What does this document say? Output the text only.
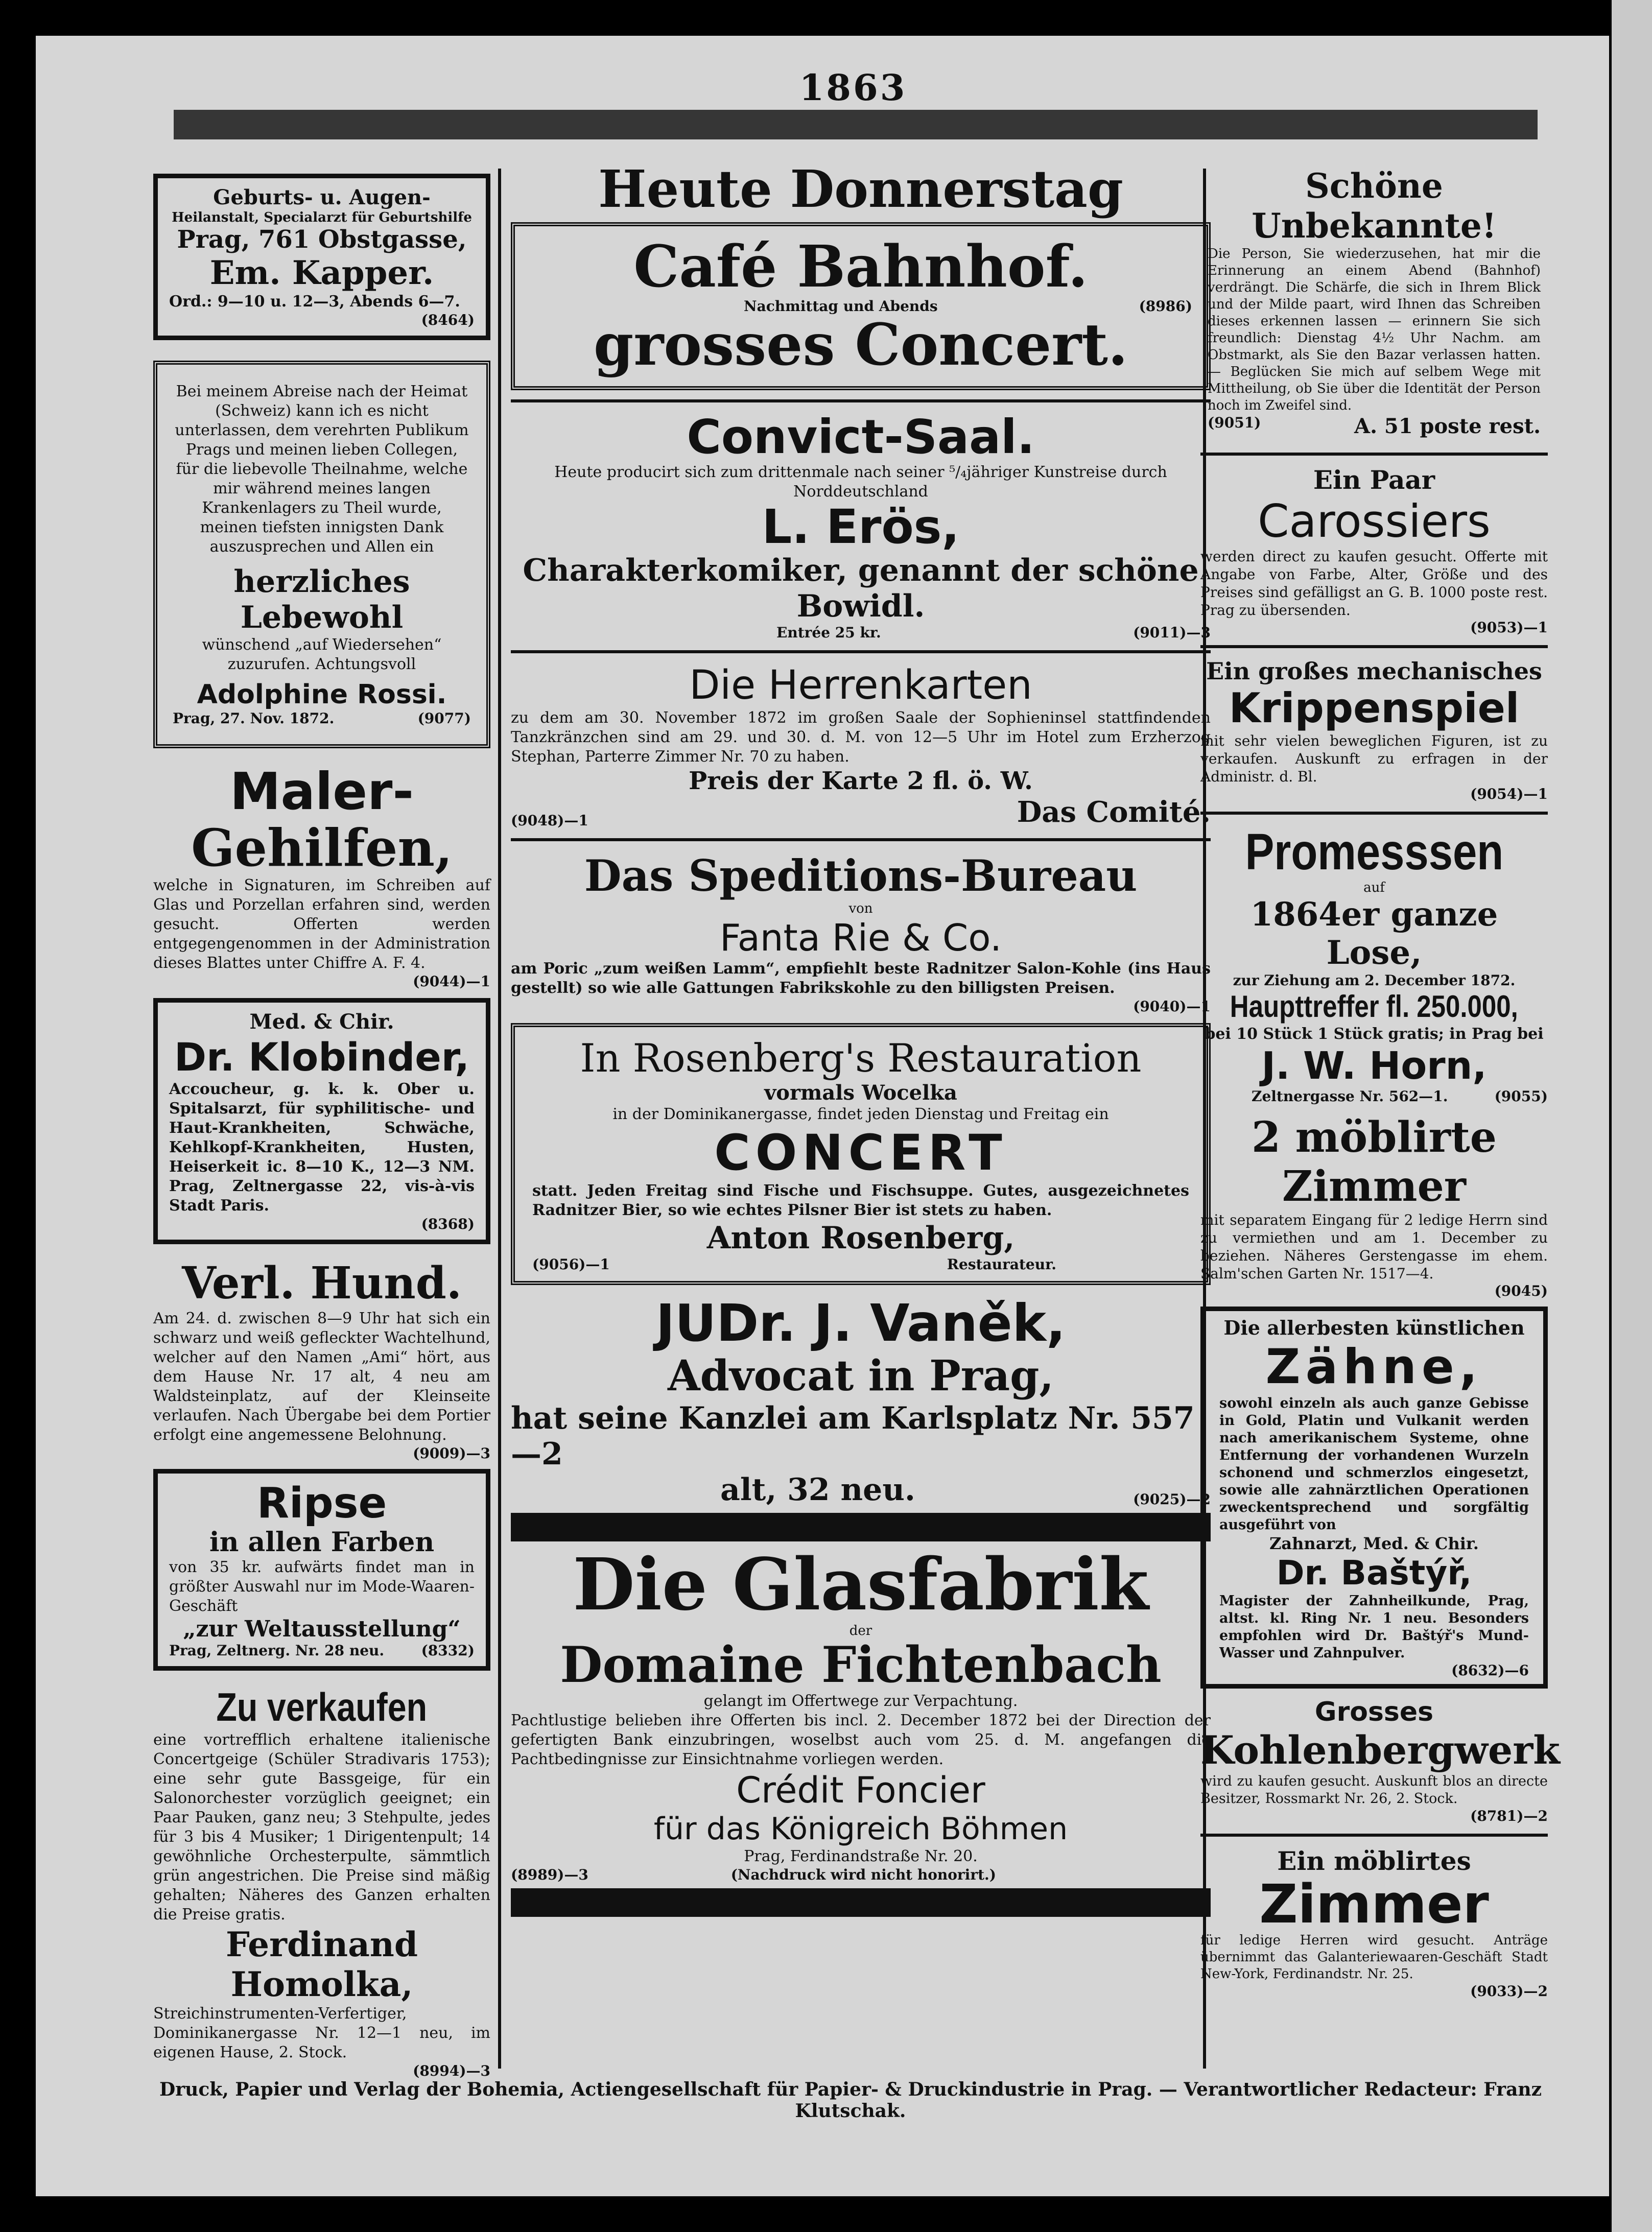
1863
Geburts- u. Augen-
Heilanstalt, Specialarzt für Geburtshilfe
Prag, 761 Obstgasse,
Em. Kapper.
Ord.: 9—10 u. 12—3, Abends 6—7.
(8464)
Bei meinem Abreise nach der Heimat (Schweiz) kann ich es nicht unterlassen, dem verehrten Publikum Prags und meinen lieben Collegen, für die liebevolle Theilnahme, welche mir während meines langen Krankenlagers zu Theil wurde, meinen tiefsten innigsten Dank auszusprechen und Allen ein
herzliches Lebewohl
wünschend „auf Wiedersehen“ zuzurufen. Achtungsvoll
Adolphine Rossi.
Prag, 27. Nov. 1872.	(9077)
Maler-
Gehilfen,
welche in Signaturen, im Schreiben auf Glas und Porzellan erfahren sind, werden gesucht. Offerten werden entgegengenommen in der Administration dieses Blattes unter Chiffre A. F. 4.
(9044)—1
Med. & Chir.
Dr. Klobinder,
Accoucheur, g. k. k. Ober u. Spitalsarzt, für syphilitische- und Haut-Krankheiten, Schwäche, Kehlkopf-Krankheiten, Husten, Heiserkeit ic. 8—10 K., 12—3 NM. Prag, Zeltnergasse 22, vis-à-vis Stadt Paris.
(8368)
Verl. Hund.
Am 24. d. zwischen 8—9 Uhr hat sich ein schwarz und weiß gefleckter Wachtelhund, welcher auf den Namen „Ami“ hört, aus dem Hause Nr. 17 alt, 4 neu am Waldsteinplatz, auf der Kleinseite verlaufen. Nach Übergabe bei dem Portier erfolgt eine angemessene Belohnung.
(9009)—3
Ripse
in allen Farben
von 35 kr. aufwärts findet man in größter Auswahl nur im Mode-Waaren-Geschäft
„zur Weltausstellung“
Prag, Zeltnerg. Nr. 28 neu.	(8332)
Zu verkaufen
eine vortrefflich erhaltene italienische Concertgeige (Schüler Stradivaris 1753); eine sehr gute Bassgeige, für ein Salonorchester vorzüglich geeignet; ein Paar Pauken, ganz neu; 3 Stehpulte, jedes für 3 bis 4 Musiker; 1 Dirigentenpult; 14 gewöhnliche Orchesterpulte, sämmtlich grün angestrichen. Die Preise sind mäßig gehalten; Näheres des Ganzen erhalten die Preise gratis.
Ferdinand Homolka,
Streichinstrumenten-Verfertiger, Dominikanergasse Nr. 12—1 neu, im eigenen Hause, 2. Stock.
(8994)—3
Heute Donnerstag
Café Bahnhof.
Nachmittag und Abends	(8986)
grosses Concert.
Convict-Saal.
Heute producirt sich zum drittenmale nach seiner ⁵/₄jähriger Kunstreise durch Norddeutschland
L. Erös,
Charakterkomiker, genannt der schöne Bowidl.
Entrée 25 kr.	(9011)—3
Die Herrenkarten
zu dem am 30. November 1872 im großen Saale der Sophieninsel stattfindenden Tanzkränzchen sind am 29. und 30. d. M. von 12—5 Uhr im Hotel zum Erzherzog Stephan, Parterre Zimmer Nr. 70 zu haben.
Preis der Karte 2 fl. ö. W.
(9048)—1	Das Comité.
Das Speditions-Bureau
von
Fanta Rie & Co.
am Poric „zum weißen Lamm“, empfiehlt beste Radnitzer Salon-Kohle (ins Haus gestellt) so wie alle Gattungen Fabrikskohle zu den billigsten Preisen.
(9040)—1
In Rosenberg's Restauration
vormals Wocelka
in der Dominikanergasse, findet jeden Dienstag und Freitag ein
CONCERT
statt. Jeden Freitag sind Fische und Fischsuppe. Gutes, ausgezeichnetes Radnitzer Bier, so wie echtes Pilsner Bier ist stets zu haben.
Anton Rosenberg,
(9056)—1	Restaurateur.
JUDr. J. Vaněk,
Advocat in Prag,
hat seine Kanzlei am Karlsplatz Nr. 557—2
alt, 32 neu.	(9025)—2
Die Glasfabrik
der
Domaine Fichtenbach
gelangt im Offertwege zur Verpachtung.
Pachtlustige belieben ihre Offerten bis incl. 2. December 1872 bei der Direction der gefertigten Bank einzubringen, woselbst auch vom 25. d. M. angefangen die Pachtbedingnisse zur Einsichtnahme vorliegen werden.
Crédit Foncier
für das Königreich Böhmen
Prag, Ferdinandstraße Nr. 20.
(8989)—3	(Nachdruck wird nicht honorirt.)
Schöne Unbekannte!
Die Person, Sie wiederzusehen, hat mir die Erinnerung an einem Abend (Bahnhof) verdrängt. Die Schärfe, die sich in Ihrem Blick und der Milde paart, wird Ihnen das Schreiben dieses erkennen lassen — erinnern Sie sich freundlich: Dienstag 4½ Uhr Nachm. am Obstmarkt, als Sie den Bazar verlassen hatten. — Beglücken Sie mich auf selbem Wege mit Mittheilung, ob Sie über die Identität der Person noch im Zweifel sind.
(9051)	A. 51 poste rest.
Ein Paar
Carossiers
werden direct zu kaufen gesucht. Offerte mit Angabe von Farbe, Alter, Größe und des Preises sind gefälligst an G. B. 1000 poste rest. Prag zu übersenden.
(9053)—1
Ein großes mechanisches
Krippenspiel
mit sehr vielen beweglichen Figuren, ist zu verkaufen. Auskunft zu erfragen in der Administr. d. Bl.
(9054)—1
Promesssen
auf
1864er ganze Lose,
zur Ziehung am 2. December 1872.
Haupttreffer fl. 250.000,
bei 10 Stück 1 Stück gratis; in Prag bei
J. W. Horn,
Zeltnergasse Nr. 562—1.	(9055)
2 möblirte Zimmer
mit separatem Eingang für 2 ledige Herrn sind zu vermiethen und am 1. December zu beziehen. Näheres Gerstengasse im ehem. Salm'schen Garten Nr. 1517—4.
(9045)
Die allerbesten künstlichen
Zähne,
sowohl einzeln als auch ganze Gebisse in Gold, Platin und Vulkanit werden nach amerikanischem Systeme, ohne Entfernung der vorhandenen Wurzeln schonend und schmerzlos eingesetzt, sowie alle zahnärztlichen Operationen zweckentsprechend und sorgfältig ausgeführt von
Zahnarzt, Med. & Chir.
Dr. Baštýř,
Magister der Zahnheilkunde, Prag, altst. kl. Ring Nr. 1 neu. Besonders empfohlen wird Dr. Baštýř's Mund-Wasser und Zahnpulver.
(8632)—6
Grosses
Kohlenbergwerk
wird zu kaufen gesucht. Auskunft blos an directe Besitzer, Rossmarkt Nr. 26, 2. Stock.
(8781)—2
Ein möblirtes
Zimmer
für ledige Herren wird gesucht. Anträge übernimmt das Galanteriewaaren-Geschäft Stadt New-York, Ferdinandstr. Nr. 25.
(9033)—2
Druck, Papier und Verlag der Bohemia, Actiengesellschaft für Papier- & Druckindustrie in Prag. — Verantwortlicher Redacteur: Franz Klutschak.
